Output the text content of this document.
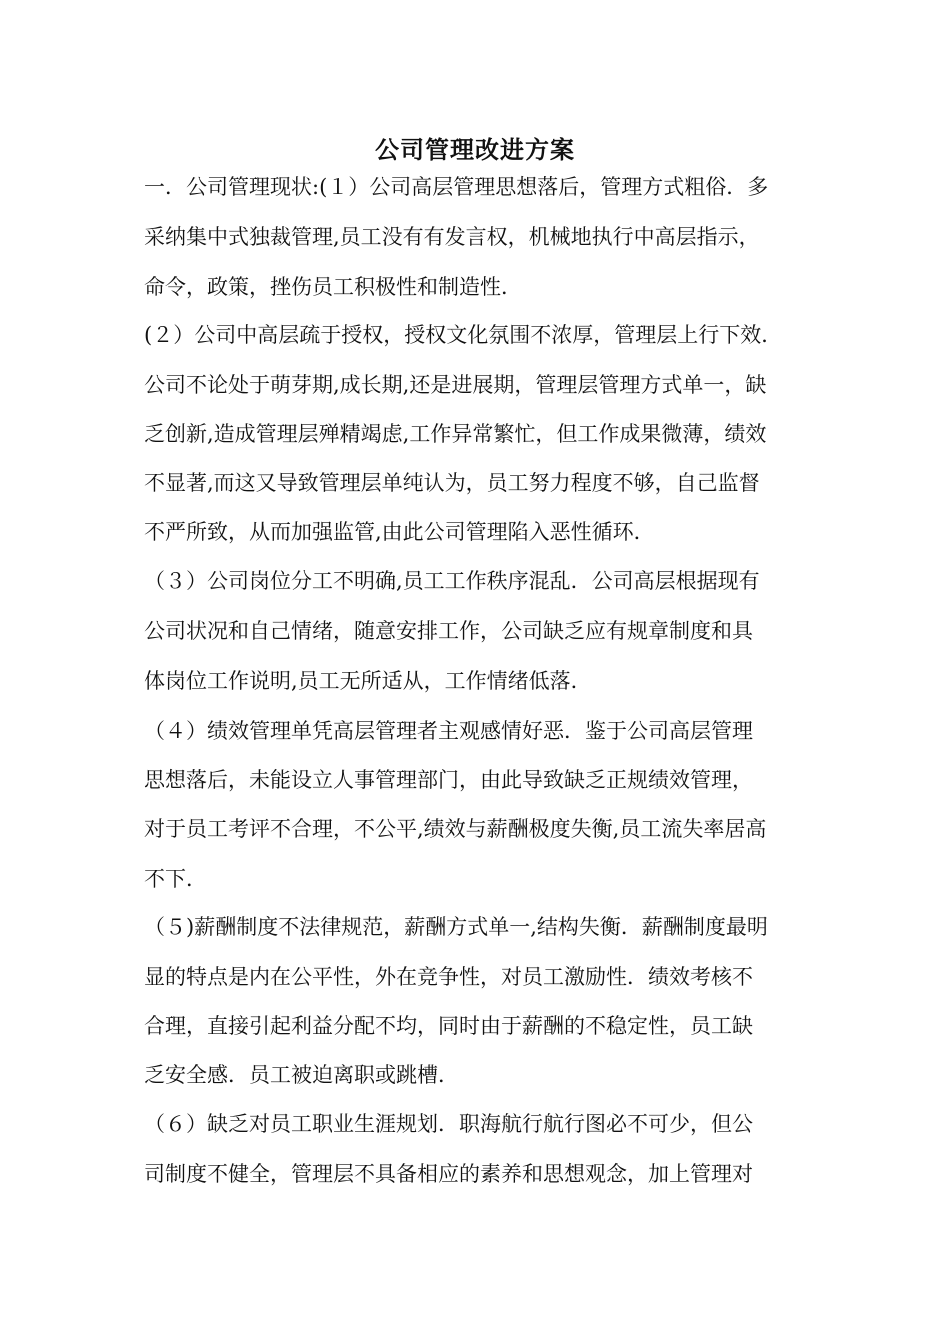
公司管理改进方案
一．公司管理现状:(１）公司高层管理思想落后，管理方式粗俗．多
采纳集中式独裁管理,员工没有有发言权，机械地执行中高层指示，
命令，政策，挫伤员工积极性和制造性．
(２）公司中高层疏于授权，授权文化氛围不浓厚，管理层上行下效．
公司不论处于萌芽期,成长期,还是进展期，管理层管理方式单一，缺
乏创新,造成管理层殚精竭虑,工作异常繁忙，但工作成果微薄，绩效
不显著,而这又导致管理层单纯认为，员工努力程度不够，自己监督
不严所致，从而加强监管,由此公司管理陷入恶性循环．
（３）公司岗位分工不明确,员工工作秩序混乱．公司高层根据现有
公司状况和自己情绪，随意安排工作，公司缺乏应有规章制度和具
体岗位工作说明,员工无所适从，工作情绪低落．
（４）绩效管理单凭高层管理者主观感情好恶．鉴于公司高层管理
思想落后，未能设立人事管理部门，由此导致缺乏正规绩效管理，
对于员工考评不合理，不公平,绩效与薪酬极度失衡,员工流失率居高
不下．
（５)薪酬制度不法律规范，薪酬方式单一,结构失衡．薪酬制度最明
显的特点是内在公平性，外在竞争性，对员工激励性．绩效考核不
合理，直接引起利益分配不均，同时由于薪酬的不稳定性，员工缺
乏安全感．员工被迫离职或跳槽．
（６）缺乏对员工职业生涯规划．职海航行航行图必不可少，但公
司制度不健全，管理层不具备相应的素养和思想观念，加上管理对
